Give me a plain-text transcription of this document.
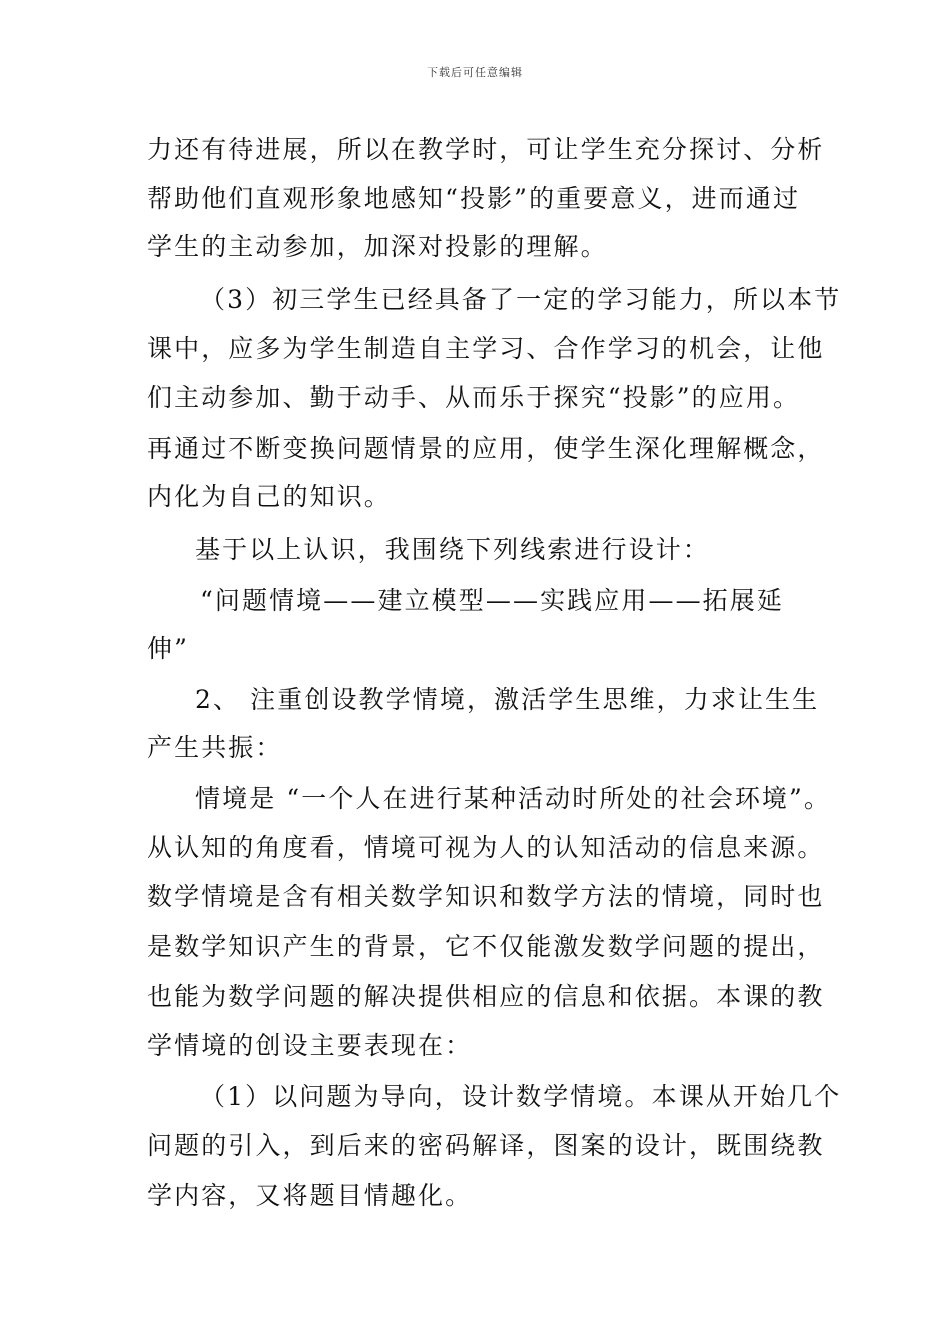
下载后可任意编辑
力还有待进展，所以在教学时，可让学生充分探讨、分析
帮助他们直观形象地感知“投影”的重要意义，进而通过
学生的主动参加，加深对投影的理解。
（3）初三学生已经具备了一定的学习能力，所以本节
课中，应多为学生制造自主学习、合作学习的机会，让他
们主动参加、勤于动手、从而乐于探究“投影”的应用。
再通过不断变换问题情景的应用，使学生深化理解概念，
内化为自己的知识。
基于以上认识，我围绕下列线索进行设计：
“问题情境——建立模型——实践应用——拓展延
伸”
2、 注重创设教学情境，激活学生思维，力求让生生
产生共振：
情境是 “一个人在进行某种活动时所处的社会环境”。
从认知的角度看，情境可视为人的认知活动的信息来源。
数学情境是含有相关数学知识和数学方法的情境，同时也
是数学知识产生的背景，它不仅能激发数学问题的提出，
也能为数学问题的解决提供相应的信息和依据。本课的教
学情境的创设主要表现在：
（1）以问题为导向，设计数学情境。本课从开始几个
问题的引入，到后来的密码解译，图案的设计，既围绕教
学内容，又将题目情趣化。
